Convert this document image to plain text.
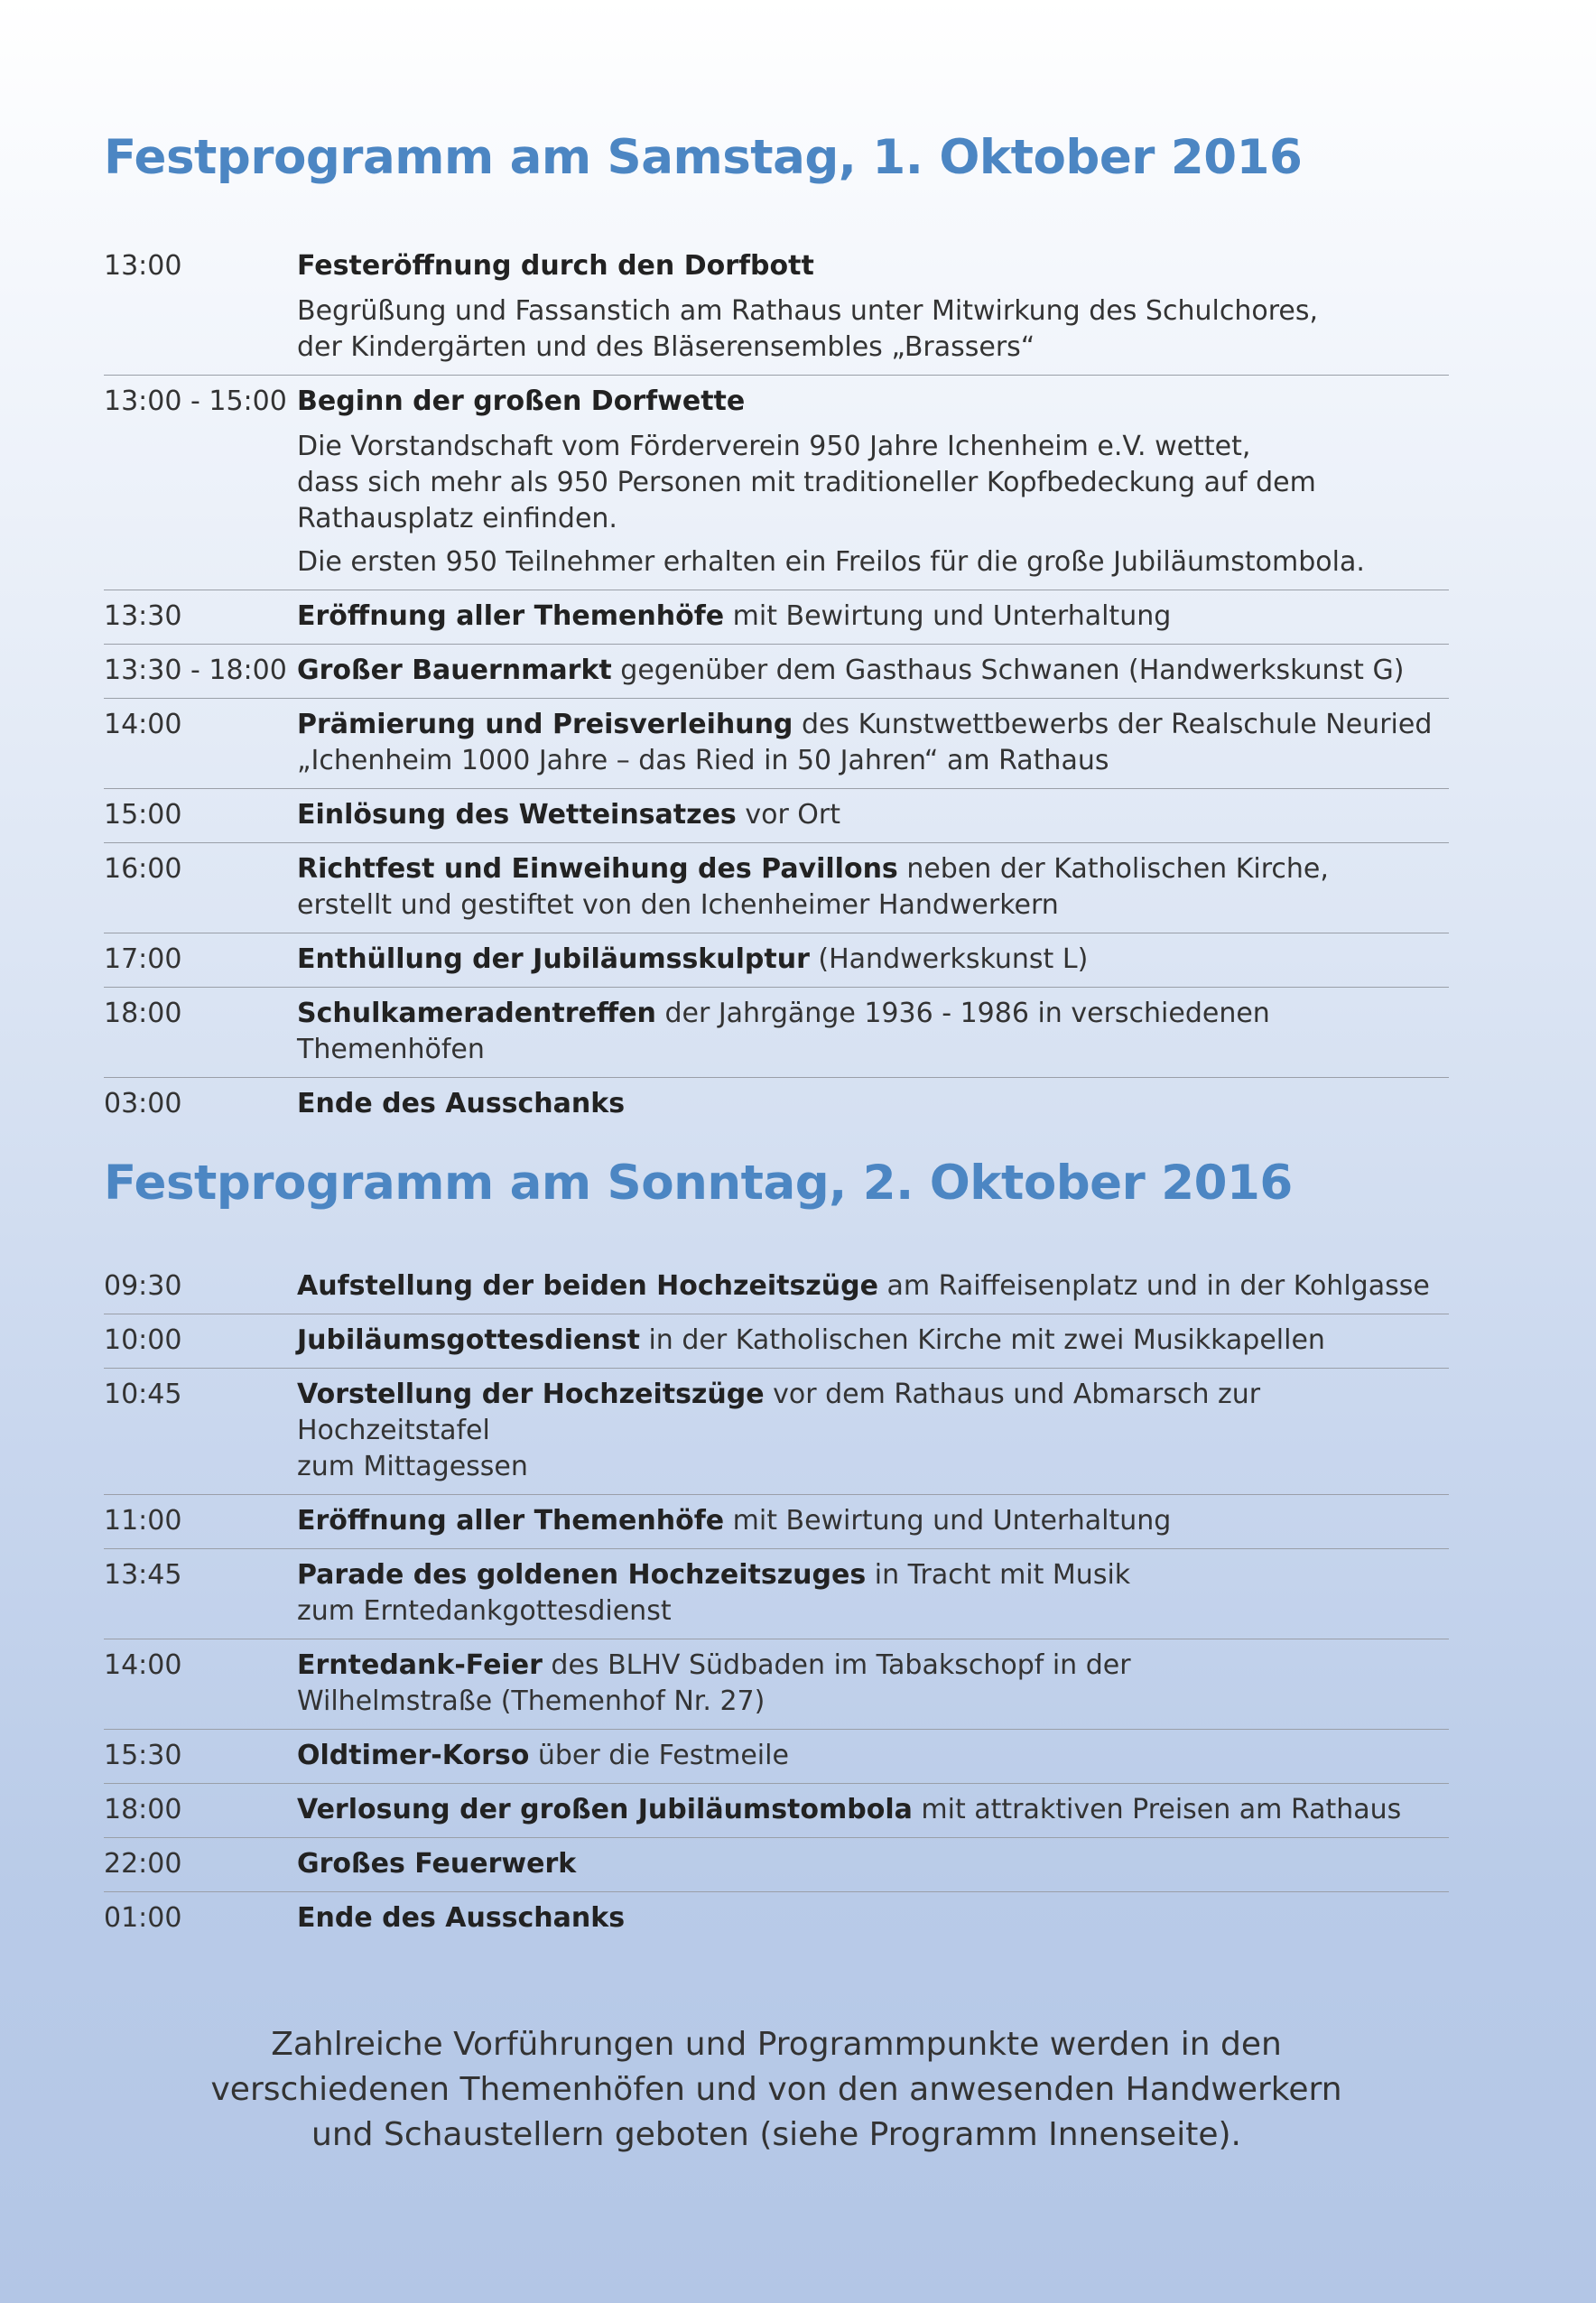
Festprogramm am Samstag, 1. Oktober 2016
13:00	Festeröffnung durch den Dorfbott
Begrüßung und Fassanstich am Rathaus unter Mitwirkung des Schulchores,
der Kindergärten und des Bläserensembles „Brassers“
13:00 - 15:00 Beginn der großen Dorfwette
Die Vorstandschaft vom Förderverein 950 Jahre Ichenheim e.V. wettet,
dass sich mehr als 950 Personen mit traditioneller Kopfbedeckung auf dem
Rathausplatz einfinden.
Die ersten 950 Teilnehmer erhalten ein Freilos für die große Jubiläumstombola.
13:30	Eröffnung aller Themenhöfe mit Bewirtung und Unterhaltung
13:30 - 18:00 Großer Bauernmarkt gegenüber dem Gasthaus Schwanen (Handwerkskunst G)
14:00	Prämierung und Preisverleihung des Kunstwettbewerbs der Realschule Neuried
„Ichenheim 1000 Jahre – das Ried in 50 Jahren“ am Rathaus
15:00	Einlösung des Wetteinsatzes vor Ort
16:00	Richtfest und Einweihung des Pavillons neben der Katholischen Kirche,
erstellt und gestiftet von den Ichenheimer Handwerkern
17:00	Enthüllung der Jubiläumsskulptur (Handwerkskunst L)
18:00	Schulkameradentreffen der Jahrgänge 1936 - 1986 in verschiedenen Themenhöfen
03:00	Ende des Ausschanks
Festprogramm am Sonntag, 2. Oktober 2016
09:30	Aufstellung der beiden Hochzeitszüge am Raiffeisenplatz und in der Kohlgasse
10:00	Jubiläumsgottesdienst in der Katholischen Kirche mit zwei Musikkapellen
10:45	Vorstellung der Hochzeitszüge vor dem Rathaus und Abmarsch zur Hochzeitstafel
zum Mittagessen
11:00	Eröffnung aller Themenhöfe mit Bewirtung und Unterhaltung
13:45	Parade des goldenen Hochzeitszuges in Tracht mit Musik
zum Erntedankgottesdienst
14:00	Erntedank-Feier des BLHV Südbaden im Tabakschopf in der
Wilhelmstraße (Themenhof Nr. 27)
15:30	Oldtimer-Korso über die Festmeile
18:00	Verlosung der großen Jubiläumstombola mit attraktiven Preisen am Rathaus
22:00	Großes Feuerwerk
01:00	Ende des Ausschanks
Zahlreiche Vorführungen und Programmpunkte werden in den
verschiedenen Themenhöfen und von den anwesenden Handwerkern
und Schaustellern geboten (siehe Programm Innenseite).
